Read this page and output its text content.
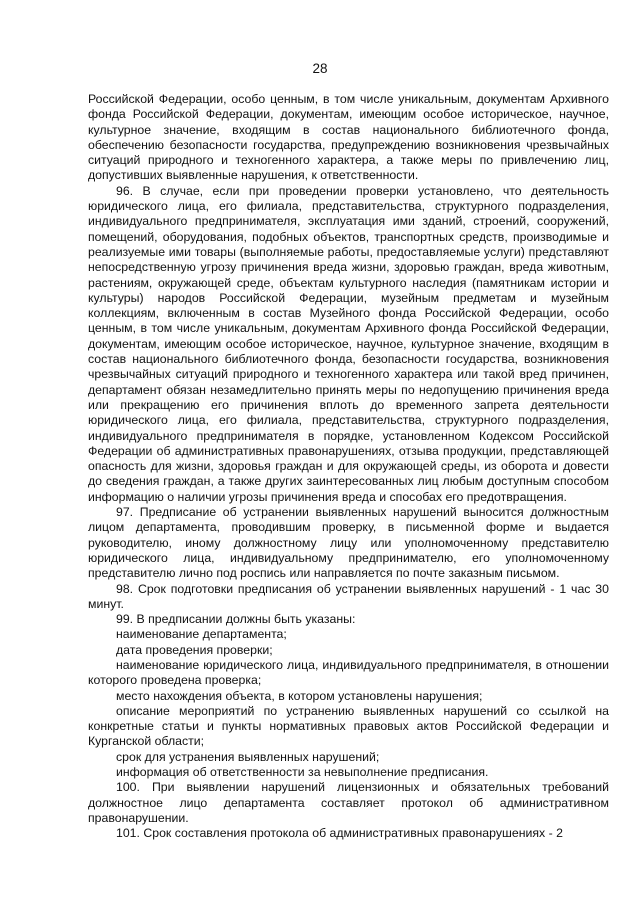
28

Российской Федерации, особо ценным, в том числе уникальным, документам Архивного фонда Российской Федерации, документам, имеющим особое историческое, научное, культурное значение, входящим в состав национального библиотечного фонда, обеспечению безопасности государства, предупреждению возникновения чрезвычайных ситуаций природного и техногенного характера, а также меры по привлечению лиц, допустивших выявленные нарушения, к ответственности.

96. В случае, если при проведении проверки установлено, что деятельность юридического лица, его филиала, представительства, структурного подразделения, индивидуального предпринимателя, эксплуатация ими зданий, строений, сооружений, помещений, оборудования, подобных объектов, транспортных средств, производимые и реализуемые ими товары (выполняемые работы, предоставляемые услуги) представляют непосредственную угрозу причинения вреда жизни, здоровью граждан, вреда животным, растениям, окружающей среде, объектам культурного наследия (памятникам истории и культуры) народов Российской Федерации, музейным предметам и музейным коллекциям, включенным в состав Музейного фонда Российской Федерации, особо ценным, в том числе уникальным, документам Архивного фонда Российской Федерации, документам, имеющим особое историческое, научное, культурное значение, входящим в состав национального библиотечного фонда, безопасности государства, возникновения чрезвычайных ситуаций природного и техногенного характера или такой вред причинен, департамент обязан незамедлительно принять меры по недопущению причинения вреда или прекращению его причинения вплоть до временного запрета деятельности юридического лица, его филиала, представительства, структурного подразделения, индивидуального предпринимателя в порядке, установленном Кодексом Российской Федерации об административных правонарушениях, отзыва продукции, представляющей опасность для жизни, здоровья граждан и для окружающей среды, из оборота и довести до сведения граждан, а также других заинтересованных лиц любым доступным способом информацию о наличии угрозы причинения вреда и способах его предотвращения.

97. Предписание об устранении выявленных нарушений выносится должностным лицом департамента, проводившим проверку, в письменной форме и выдается руководителю, иному должностному лицу или уполномоченному представителю юридического лица, индивидуальному предпринимателю, его уполномоченному представителю лично под роспись или направляется по почте заказным письмом.

98. Срок подготовки предписания об устранении выявленных нарушений - 1 час 30 минут.

99. В предписании должны быть указаны:

наименование департамента;

дата проведения проверки;

наименование юридического лица, индивидуального предпринимателя, в отношении которого проведена проверка;

место нахождения объекта, в котором установлены нарушения;

описание мероприятий по устранению выявленных нарушений со ссылкой на конкретные статьи и пункты нормативных правовых актов Российской Федерации и Курганской области;

срок для устранения выявленных нарушений;

информация об ответственности за невыполнение предписания.

100. При выявлении нарушений лицензионных и обязательных требований должностное лицо департамента составляет протокол об административном правонарушении.

101. Срок составления протокола об административных правонарушениях - 2
